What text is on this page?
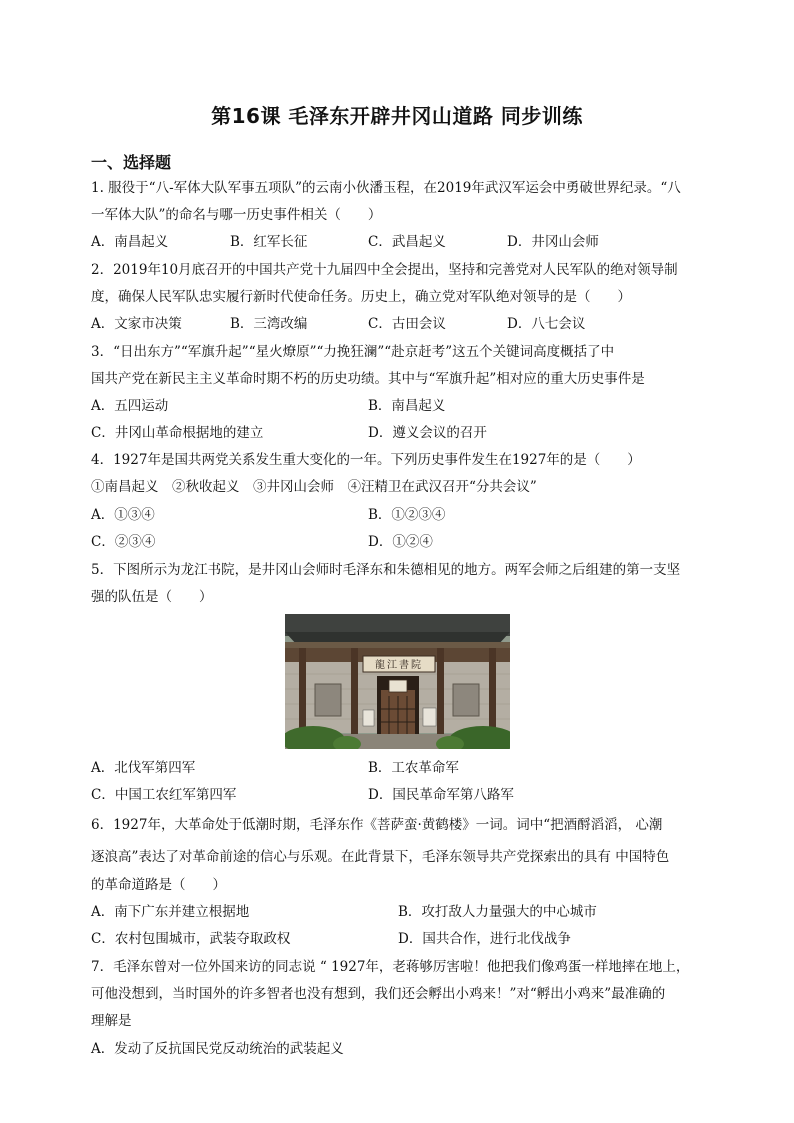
第16课 毛泽东开辟井冈山道路 同步训练
一、选择题
1. 服役于“八-军体大队军事五项队”的云南小伙潘玉程，在2019年武汉军运会中勇破世界纪录。“八
一军体大队”的命名与哪一历史事件相关（　　）
A．南昌起义	B．红军长征	C．武昌起义	D．井冈山会师
2．2019年10月底召开的中国共产党十九届四中全会提出，坚持和完善党对人民军队的绝对领导制
度，确保人民军队忠实履行新时代使命任务。历史上，确立党对军队绝对领导的是（　　）
A．文家市决策	B．三湾改编	C．古田会议	D．八七会议
3．“日出东方”“军旗升起”“星火燎原”“力挽狂澜”“赴京赶考”这五个关键词高度概括了中
国共产党在新民主主义革命时期不朽的历史功绩。其中与“军旗升起”相对应的重大历史事件是
A．五四运动	B．南昌起义
C．井冈山革命根据地的建立	D．遵义会议的召开
4．1927年是国共两党关系发生重大变化的一年。下列历史事件发生在1927年的是（　　）
①南昌起义　②秋收起义　③井冈山会师　④汪精卫在武汉召开“分共会议”
A．①③④	B．①②③④
C．②③④	D．①②④
5．下图所示为龙江书院，是井冈山会师时毛泽东和朱德相见的地方。两军会师之后组建的第一支坚
强的队伍是（　　）
龍江書院
A．北伐军第四军	B．工农革命军
C．中国工农红军第四军	D．国民革命军第八路军
6．1927年，大革命处于低潮时期，毛泽东作《菩萨蛮·黄鹤楼》一词。词中“把酒酹滔滔， 心潮
逐浪高”表达了对革命前途的信心与乐观。在此背景下，毛泽东领导共产党探索出的具有 中国特色
的革命道路是（　　）
A．南下广东并建立根据地	B．攻打敌人力量强大的中心城市
C．农村包围城市，武装夺取政权	D．国共合作，进行北伐战争
7．毛泽东曾对一位外国来访的同志说 “ 1927年，老蒋够厉害啦！他把我们像鸡蛋一样地摔在地上，
可他没想到，当时国外的许多智者也没有想到，我们还会孵出小鸡来！”对“孵出小鸡来”最准确的
理解是
A．发动了反抗国民党反动统治的武装起义
